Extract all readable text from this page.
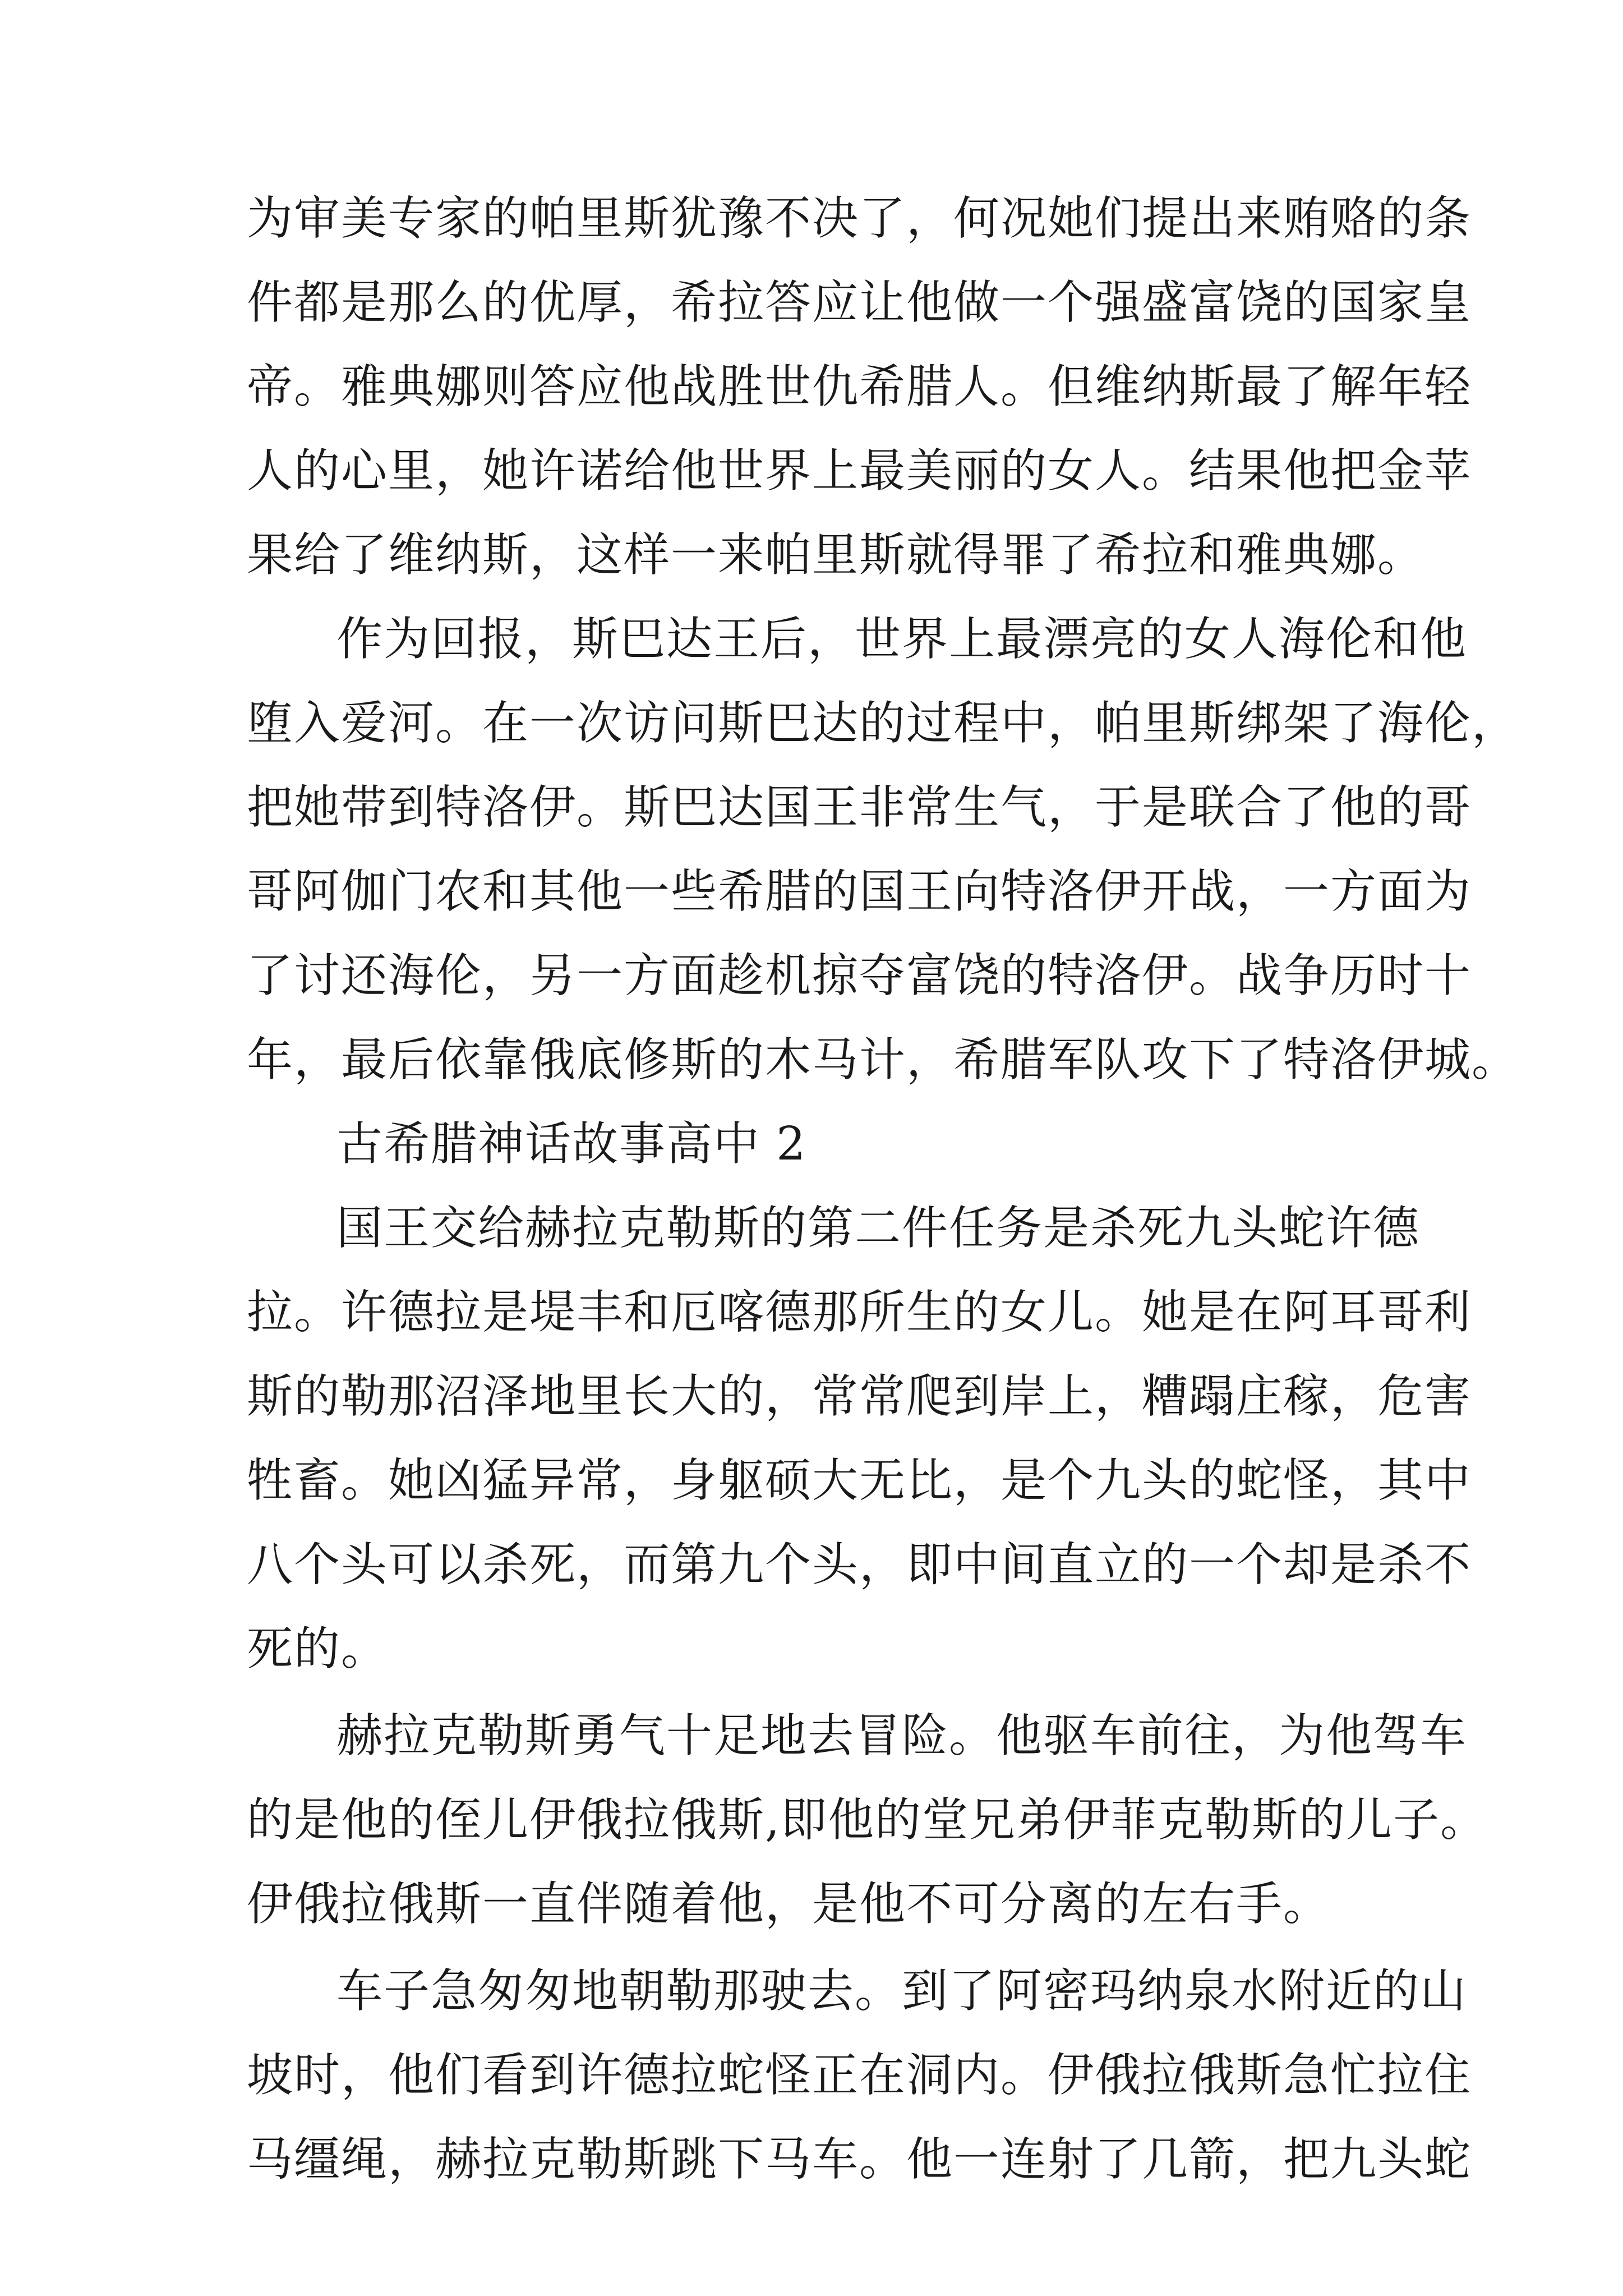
为审美专家的帕里斯犹豫不决了，何况她们提出来贿赂的条
件都是那么的优厚，希拉答应让他做一个强盛富饶的国家皇
帝。雅典娜则答应他战胜世仇希腊人。但维纳斯最了解年轻
人的心里，她许诺给他世界上最美丽的女人。结果他把金苹
果给了维纳斯，这样一来帕里斯就得罪了希拉和雅典娜。
作为回报，斯巴达王后，世界上最漂亮的女人海伦和他
堕入爱河。在一次访问斯巴达的过程中，帕里斯绑架了海伦，
把她带到特洛伊。斯巴达国王非常生气，于是联合了他的哥
哥阿伽门农和其他一些希腊的国王向特洛伊开战，一方面为
了讨还海伦，另一方面趁机掠夺富饶的特洛伊。战争历时十
年，最后依靠俄底修斯的木马计，希腊军队攻下了特洛伊城。
古希腊神话故事高中 2
国王交给赫拉克勒斯的第二件任务是杀死九头蛇许德
拉。许德拉是堤丰和厄喀德那所生的女儿。她是在阿耳哥利
斯的勒那沼泽地里长大的，常常爬到岸上，糟蹋庄稼，危害
牲畜。她凶猛异常，身躯硕大无比，是个九头的蛇怪，其中
八个头可以杀死，而第九个头，即中间直立的一个却是杀不
死的。
赫拉克勒斯勇气十足地去冒险。他驱车前往，为他驾车
的是他的侄儿伊俄拉俄斯,即他的堂兄弟伊菲克勒斯的儿子。
伊俄拉俄斯一直伴随着他，是他不可分离的左右手。
车子急匆匆地朝勒那驶去。到了阿密玛纳泉水附近的山
坡时，他们看到许德拉蛇怪正在洞内。伊俄拉俄斯急忙拉住
马缰绳，赫拉克勒斯跳下马车。他一连射了几箭，把九头蛇
